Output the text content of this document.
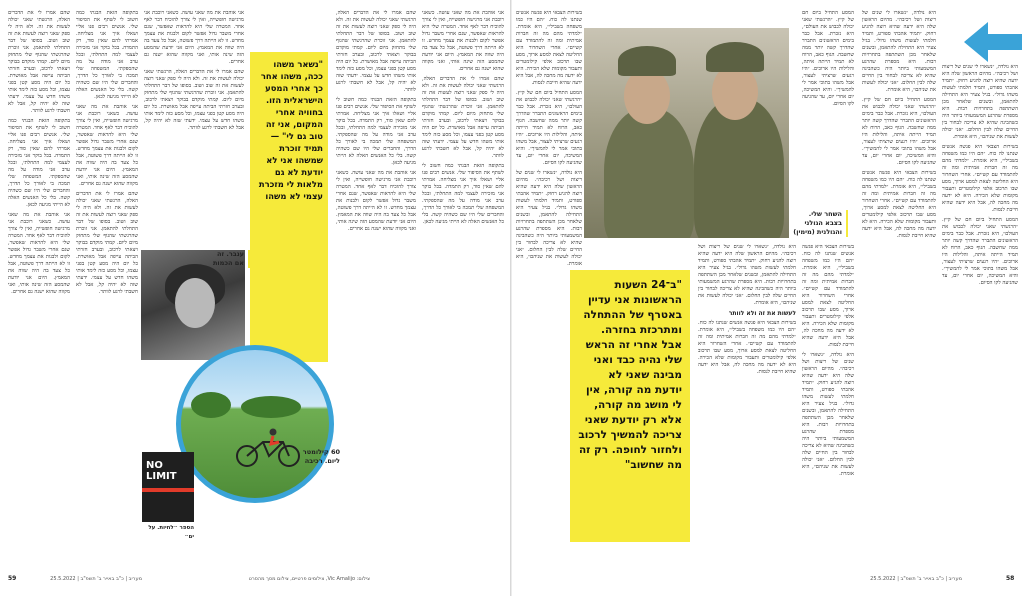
שהם אמרו לי את הדברים האלה, הרגשתי שאני יכולה לעשות את זה. ולא היה לי ספק שאני רוצה לעשות את זה שוב ושוב. בסופו של דבר התחלתי להתאמן. אני זוכרת שהרגשתי שהגוף שלי מתחזק מיום ליום. קמתי מוקדם בבוקר ויצאתי לרכוב, ובערב חזרתי הביתה עייפה אבל מאושרת. כל יום היה מסע קטן בפני עצמו, וכל מסע כזה לימד אותי משהו חדש על עצמי. ידעתי שזה לא יהיה קל, אבל לא חשבתי לרגע לוותר.
בתקופה הזאת הבנתי כמה חשוב לי לשתף את הסיפור שלי. אנשים רבים פנו אליי ושאלו איך אני מצליחה. אמרתי להם שאין סוד, רק התמדה. בכל בוקר אני מזכירה לעצמי למה התחלתי, ובכל ערב אני מודה על מה שהספקתי. המשפחה שלי תמכה בי לאורך כל הדרך, והחברים שלי היו שם כשהיה קשה. בלי כל האנשים האלה לא הייתי מגיעה לכאן.
אני אוהבת את מה שאני עושה. כשאני רוכבת אני מרגישה חופשייה, ואין לי צורך להוכיח דבר לאף אחד. המטרה שלי היא להראות שאפשר, שגם אחרי משבר גדול אפשר לקום ולבנות את עצמך מחדש. זו לא הייתה דרך פשוטה, אבל כל צעד בה היה שווה את המאמץ. היום אני יודעת שהמסע הזה שינה אותי, ואני מקווה שהוא ישנה גם אחרים.
בתקופה הזאת הבנתי כמה חשוב לי לשתף את הסיפור שלי. אנשים רבים פנו אליי ושאלו איך אני מצליחה. אמרתי להם שאין סוד, רק התמדה. בכל בוקר אני מזכירה לעצמי למה התחלתי, ובכל ערב אני מודה על מה שהספקתי. המשפחה שלי תמכה בי לאורך כל הדרך, והחברים שלי היו שם כשהיה קשה. בלי כל האנשים האלה לא הייתי מגיעה לכאן.
אני אוהבת את מה שאני עושה. כשאני רוכבת אני מרגישה חופשייה, ואין לי צורך להוכיח דבר לאף אחד. המטרה שלי היא להראות שאפשר, שגם אחרי משבר גדול אפשר לקום ולבנות את עצמך מחדש. זו לא הייתה דרך פשוטה, אבל כל צעד בה היה שווה את המאמץ. היום אני יודעת שהמסע הזה שינה אותי, ואני מקווה שהוא ישנה גם אחרים.
שהם אמרו לי את הדברים האלה, הרגשתי שאני יכולה לעשות את זה. ולא היה לי ספק שאני רוצה לעשות את זה שוב ושוב. בסופו של דבר התחלתי להתאמן. אני זוכרת שהרגשתי שהגוף שלי מתחזק מיום ליום. קמתי מוקדם בבוקר ויצאתי לרכוב, ובערב חזרתי הביתה עייפה אבל מאושרת. כל יום היה מסע קטן בפני עצמו, וכל מסע כזה לימד אותי משהו חדש על עצמי. ידעתי שזה לא יהיה קל, אבל לא חשבתי לרגע לוותר.
אני אוהבת את מה שאני עושה. כשאני רוכבת אני מרגישה חופשייה, ואין לי צורך להוכיח דבר לאף אחד. המטרה שלי היא להראות שאפשר, שגם אחרי משבר גדול אפשר לקום ולבנות את עצמך מחדש. זו לא הייתה דרך פשוטה, אבל כל צעד בה היה שווה את המאמץ. היום אני יודעת שהמסע הזה שינה אותי, ואני מקווה שהוא ישנה גם אחרים.
שהם אמרו לי את הדברים האלה, הרגשתי שאני יכולה לעשות את זה. ולא היה לי ספק שאני רוצה לעשות את זה שוב ושוב. בסופו של דבר התחלתי להתאמן. אני זוכרת שהרגשתי שהגוף שלי מתחזק מיום ליום. קמתי מוקדם בבוקר ויצאתי לרכוב, ובערב חזרתי הביתה עייפה אבל מאושרת. כל יום היה מסע קטן בפני עצמו, וכל מסע כזה לימד אותי משהו חדש על עצמי. ידעתי שזה לא יהיה קל, אבל לא חשבתי לרגע לוותר.
ענבר. זה אם הכמות
"נשאר משהו ככה, משהו אחר כך אחרי המסע הישראלית הזו. בחוויה אחרי המקום, אני זה טוב גם לי" — תמיד זוכרת שמשהו אני לא יודעת לא גם מלאות לי מזכרת עצמי לא משהו
שהם אמרו לי את הדברים האלה, הרגשתי שאני יכולה לעשות את זה. ולא היה לי ספק שאני רוצה לעשות את זה שוב ושוב. בסופו של דבר התחלתי להתאמן. אני זוכרת שהרגשתי שהגוף שלי מתחזק מיום ליום. קמתי מוקדם בבוקר ויצאתי לרכוב, ובערב חזרתי הביתה עייפה אבל מאושרת. כל יום היה מסע קטן בפני עצמו, וכל מסע כזה לימד אותי משהו חדש על עצמי. ידעתי שזה לא יהיה קל, אבל לא חשבתי לרגע לוותר.
בתקופה הזאת הבנתי כמה חשוב לי לשתף את הסיפור שלי. אנשים רבים פנו אליי ושאלו איך אני מצליחה. אמרתי להם שאין סוד, רק התמדה. בכל בוקר אני מזכירה לעצמי למה התחלתי, ובכל ערב אני מודה על מה שהספקתי. המשפחה שלי תמכה בי לאורך כל הדרך, והחברים שלי היו שם כשהיה קשה. בלי כל האנשים האלה לא הייתי מגיעה לכאן.
אני אוהבת את מה שאני עושה. כשאני רוכבת אני מרגישה חופשייה, ואין לי צורך להוכיח דבר לאף אחד. המטרה שלי היא להראות שאפשר, שגם אחרי משבר גדול אפשר לקום ולבנות את עצמך מחדש. זו לא הייתה דרך פשוטה, אבל כל צעד בה היה שווה את המאמץ. היום אני יודעת שהמסע הזה שינה אותי, ואני מקווה שהוא ישנה גם אחרים.
אני אוהבת את מה שאני עושה. כשאני רוכבת אני מרגישה חופשייה, ואין לי צורך להוכיח דבר לאף אחד. המטרה שלי היא להראות שאפשר, שגם אחרי משבר גדול אפשר לקום ולבנות את עצמך מחדש. זו לא הייתה דרך פשוטה, אבל כל צעד בה היה שווה את המאמץ. היום אני יודעת שהמסע הזה שינה אותי, ואני מקווה שהוא ישנה גם אחרים.
שהם אמרו לי את הדברים האלה, הרגשתי שאני יכולה לעשות את זה. ולא היה לי ספק שאני רוצה לעשות את זה שוב ושוב. בסופו של דבר התחלתי להתאמן. אני זוכרת שהרגשתי שהגוף שלי מתחזק מיום ליום. קמתי מוקדם בבוקר ויצאתי לרכוב, ובערב חזרתי הביתה עייפה אבל מאושרת. כל יום היה מסע קטן בפני עצמו, וכל מסע כזה לימד אותי משהו חדש על עצמי. ידעתי שזה לא יהיה קל, אבל לא חשבתי לרגע לוותר.
בתקופה הזאת הבנתי כמה חשוב לי לשתף את הסיפור שלי. אנשים רבים פנו אליי ושאלו איך אני מצליחה. אמרתי להם שאין סוד, רק התמדה. בכל בוקר אני מזכירה לעצמי למה התחלתי, ובכל ערב אני מודה על מה שהספקתי. המשפחה שלי תמכה בי לאורך כל הדרך, והחברים שלי היו שם כשהיה קשה. בלי כל האנשים האלה לא הייתי מגיעה לכאן.
60 קילומטר ליום. רכיבה
NO LIMIT
הספר ״לחיות. על ים״
59	מעריב | כ"ב באייר ב' תשפ"ב | 25.5.2022	צילום: Vic Amalijo, צילומים פרטיים, צילום מסך מהסרט
בשירות הצבאי היא פגשה אנשים שנתנו לה כוח. ״הם היו כמו משפחה בשבילי״, היא אומרת. ״למדתי מהם מה זה חברות אמיתית ומה זה להתמודד עם קשיים״. אחרי השחרור היא החליטה לצאת למסע ארוך, מסע שבו תרכוב אלפי קילומטרים ותעבור מקומות שלא הכירה. היא לא ידעה מה מחכה לה, אבל היא ידעה שהיא חייבת לנסות.
המסע התחיל ביום חם של קיץ. ״הרגשתי שאני יכולה לכבוש את העולם״, היא נזכרת. אבל כבר בימים הראשונים התברר שהדרך קשה יותר ממה שחשבה. הגוף כאב, הרוח לא תמיד הייתה איתה, והלילות היו ארוכים. ״היו רגעים שרציתי לעצור, אבל משהו בתוכי אמר לי להמשיך״. והיא המשיכה, יום אחרי יום, עד שהגיעה לקו הסיום.
היא נולדה, ״נשארו לי שנים של ריצות ושל רכיבה״. מהיום הראשון שלה היא ידעה שהיא רוצה להגיע רחוק. ״תמיד אהבתי ספורט, ותמיד חלמתי לעשות משהו גדול״. בגיל צעיר היא התחילה להתאמן, ובשנים שלאחר מכן השתתפה בתחרויות רבות. היא מספרת שהרגע המשמעותי ביותר היה כשהבינה שהיא לא צריכה לבחור בין החיים שלה לבין החלום. ״אני יכולה לעשות את שניהם״, היא אומרת.
השחר שלי. בצבא הגולני והגולנית (מימין)
"ב־24 השעות הראשונות אני עדיין באטרף של ההתחלה ומתרכזת בחזרה. אבל אחרי זה הראש שלי נהיה כבד ואני מבינה שאני לא יודעת מה קורה, אין לי מושג מה קורה, אלא רק יודעת שאני צריכה להמשיך לרכוב ולחזור לחופה. רק זה מה שחשוב"
היא נולדה, ״נשארו לי שנים של ריצות ושל רכיבה״. מהיום הראשון שלה היא ידעה שהיא רוצה להגיע רחוק. ״תמיד אהבתי ספורט, ותמיד חלמתי לעשות משהו גדול״. בגיל צעיר היא התחילה להתאמן, ובשנים שלאחר מכן השתתפה בתחרויות רבות. היא מספרת שהרגע המשמעותי ביותר היה כשהבינה שהיא לא צריכה לבחור בין החיים שלה לבין החלום. ״אני יכולה לעשות את שניהם״, היא אומרת.
לעשות את זה ולא לוותר
בשירות הצבאי היא פגשה אנשים שנתנו לה כוח. ״הם היו כמו משפחה בשבילי״, היא אומרת. ״למדתי מהם מה זה חברות אמיתית ומה זה להתמודד עם קשיים״. אחרי השחרור היא החליטה לצאת למסע ארוך, מסע שבו תרכוב אלפי קילומטרים ותעבור מקומות שלא הכירה. היא לא ידעה מה מחכה לה, אבל היא ידעה שהיא חייבת לנסות.
המסע התחיל ביום חם של קיץ. ״הרגשתי שאני יכולה לכבוש את העולם״, היא נזכרת. אבל כבר בימים הראשונים התברר שהדרך קשה יותר ממה שחשבה. הגוף כאב, הרוח לא תמיד הייתה איתה, והלילות היו ארוכים. ״היו רגעים שרציתי לעצור, אבל משהו בתוכי אמר לי להמשיך״. והיא המשיכה, יום אחרי יום, עד שהגיעה לקו הסיום.
בשירות הצבאי היא פגשה אנשים שנתנו לה כוח. ״הם היו כמו משפחה בשבילי״, היא אומרת. ״למדתי מהם מה זה חברות אמיתית ומה זה להתמודד עם קשיים״. אחרי השחרור היא החליטה לצאת למסע ארוך, מסע שבו תרכוב אלפי קילומטרים ותעבור מקומות שלא הכירה. היא לא ידעה מה מחכה לה, אבל היא ידעה שהיא חייבת לנסות.
היא נולדה, ״נשארו לי שנים של ריצות ושל רכיבה״. מהיום הראשון שלה היא ידעה שהיא רוצה להגיע רחוק. ״תמיד אהבתי ספורט, ותמיד חלמתי לעשות משהו גדול״. בגיל צעיר היא התחילה להתאמן, ובשנים שלאחר מכן השתתפה בתחרויות רבות. היא מספרת שהרגע המשמעותי ביותר היה כשהבינה שהיא לא צריכה לבחור בין החיים שלה לבין החלום. ״אני יכולה לעשות את שניהם״, היא אומרת.
היא נולדה, ״נשארו לי שנים של ריצות ושל רכיבה״. מהיום הראשון שלה היא ידעה שהיא רוצה להגיע רחוק. ״תמיד אהבתי ספורט, ותמיד חלמתי לעשות משהו גדול״. בגיל צעיר היא התחילה להתאמן, ובשנים שלאחר מכן השתתפה בתחרויות רבות. היא מספרת שהרגע המשמעותי ביותר היה כשהבינה שהיא לא צריכה לבחור בין החיים שלה לבין החלום. ״אני יכולה לעשות את שניהם״, היא אומרת.
המסע התחיל ביום חם של קיץ. ״הרגשתי שאני יכולה לכבוש את העולם״, היא נזכרת. אבל כבר בימים הראשונים התברר שהדרך קשה יותר ממה שחשבה. הגוף כאב, הרוח לא תמיד הייתה איתה, והלילות היו ארוכים. ״היו רגעים שרציתי לעצור, אבל משהו בתוכי אמר לי להמשיך״. והיא המשיכה, יום אחרי יום, עד שהגיעה לקו הסיום.
בשירות הצבאי היא פגשה אנשים שנתנו לה כוח. ״הם היו כמו משפחה בשבילי״, היא אומרת. ״למדתי מהם מה זה חברות אמיתית ומה זה להתמודד עם קשיים״. אחרי השחרור היא החליטה לצאת למסע ארוך, מסע שבו תרכוב אלפי קילומטרים ותעבור מקומות שלא הכירה. היא לא ידעה מה מחכה לה, אבל היא ידעה שהיא חייבת לנסות.
היא נולדה, ״נשארו לי שנים של ריצות ושל רכיבה״. מהיום הראשון שלה היא ידעה שהיא רוצה להגיע רחוק. ״תמיד אהבתי ספורט, ותמיד חלמתי לעשות משהו גדול״. בגיל צעיר היא התחילה להתאמן, ובשנים שלאחר מכן השתתפה בתחרויות רבות. היא מספרת שהרגע המשמעותי ביותר היה כשהבינה שהיא לא צריכה לבחור בין החיים שלה לבין החלום. ״אני יכולה לעשות את שניהם״, היא אומרת.
בשירות הצבאי היא פגשה אנשים שנתנו לה כוח. ״הם היו כמו משפחה בשבילי״, היא אומרת. ״למדתי מהם מה זה חברות אמיתית ומה זה להתמודד עם קשיים״. אחרי השחרור היא החליטה לצאת למסע ארוך, מסע שבו תרכוב אלפי קילומטרים ותעבור מקומות שלא הכירה. היא לא ידעה מה מחכה לה, אבל היא ידעה שהיא חייבת לנסות.
המסע התחיל ביום חם של קיץ. ״הרגשתי שאני יכולה לכבוש את העולם״, היא נזכרת. אבל כבר בימים הראשונים התברר שהדרך קשה יותר ממה שחשבה. הגוף כאב, הרוח לא תמיד הייתה איתה, והלילות היו ארוכים. ״היו רגעים שרציתי לעצור, אבל משהו בתוכי אמר לי להמשיך״. והיא המשיכה, יום אחרי יום, עד שהגיעה לקו הסיום.
מעריב | כ"ב באייר ב' תשפ"ב | 25.5.2022	58
